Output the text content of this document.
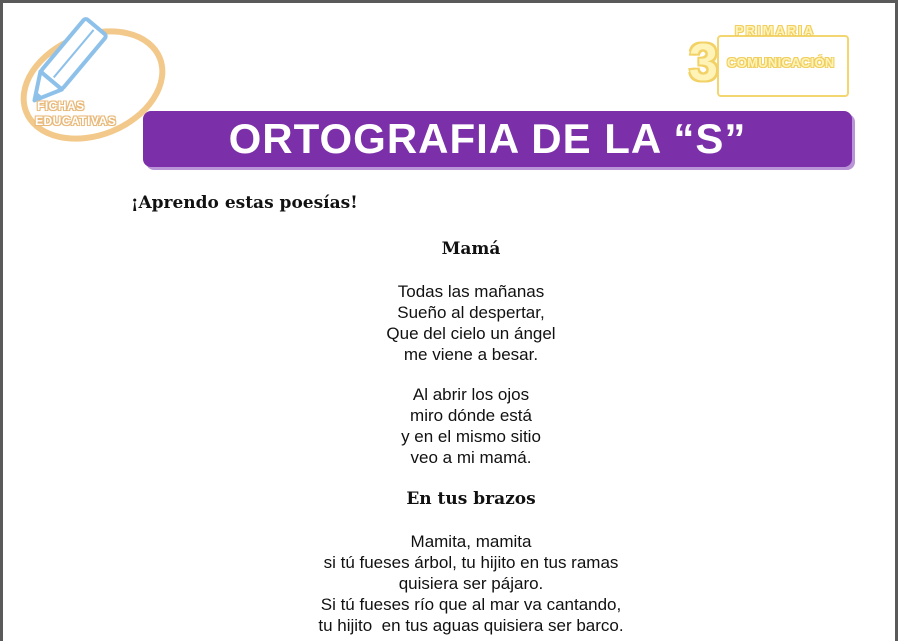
FICHAS
EDUCATIVAS
3
PRIMARIA
COMUNICACIÓN
ORTOGRAFIA DE LA “S”
¡Aprendo estas poesías!
Mamá
Todas las mañanas
Sueño al despertar,
Que del cielo un ángel
me viene a besar.
Al abrir los ojos
miro dónde está
y en el mismo sitio
veo a mi mamá.
En tus brazos
Mamita, mamita
si tú fueses árbol, tu hijito en tus ramas
quisiera ser pájaro.
Si tú fueses río que al mar va cantando,
tu hijito  en tus aguas quisiera ser barco.
